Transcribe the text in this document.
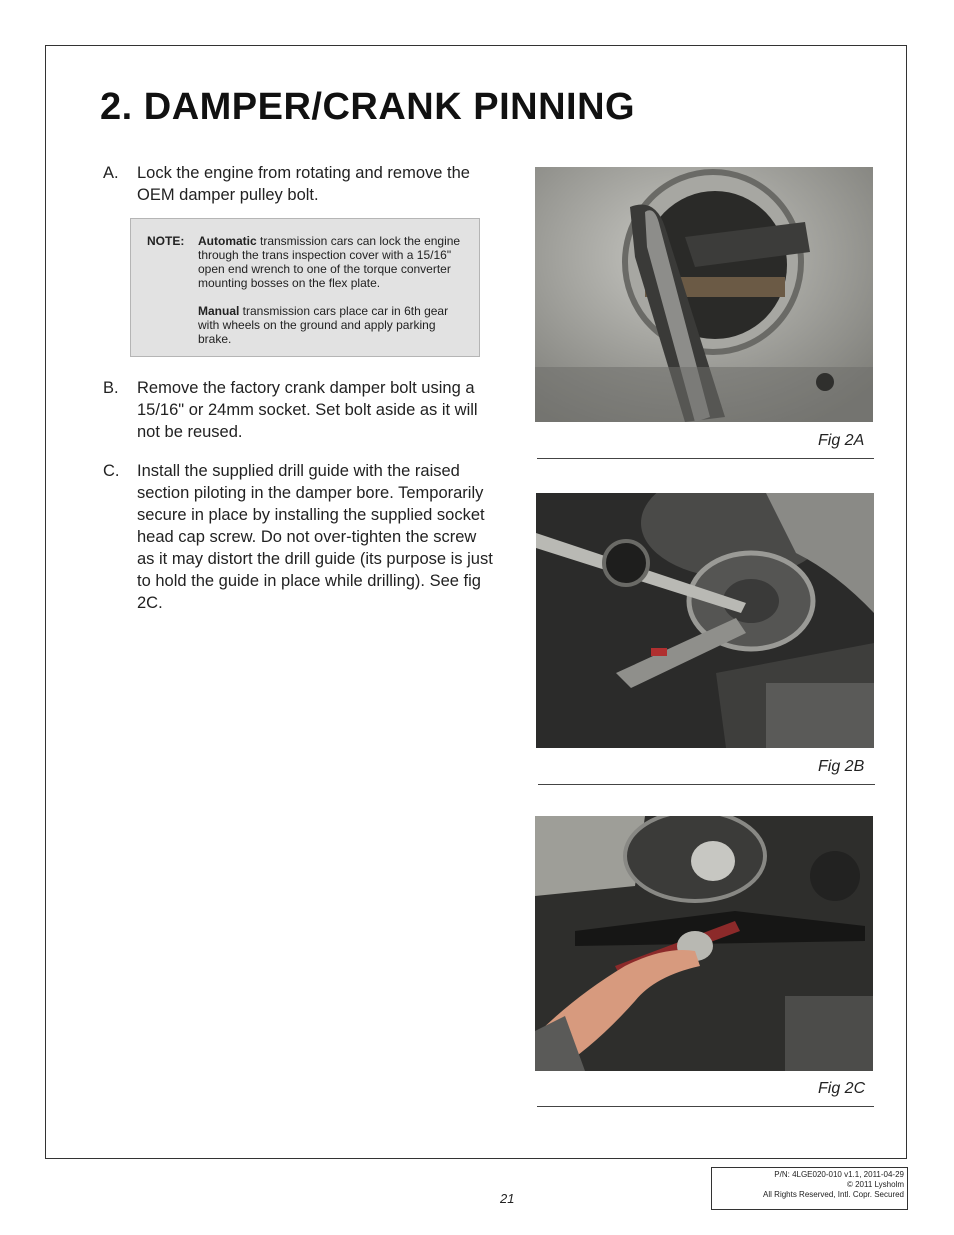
2. DAMPER/CRANK PINNING
A. Lock the engine from rotating and remove the OEM damper pulley bolt.
NOTE: Automatic transmission cars can lock the engine through the trans inspection cover with a 15/16" open end wrench to one of the torque converter mounting bosses on the flex plate.

Manual transmission cars place car in 6th gear with wheels on the ground and apply parking brake.

B. Remove the factory crank damper bolt using a 15/16" or 24mm socket. Set bolt aside as it will not be reused.
C. Install the supplied drill guide with the raised section piloting in the damper bore. Temporarily secure in place by installing the supplied socket head cap screw. Do not over-tighten the screw as it may distort the drill guide (its purpose is just to hold the guide in place while drilling). See fig 2C.
Fig 2A
Fig 2B
Fig 2C
21
P/N: 4LGE020-010 v1.1, 2011-04-29
© 2011 Lysholm
All Rights Reserved, Intl. Copr. Secured
